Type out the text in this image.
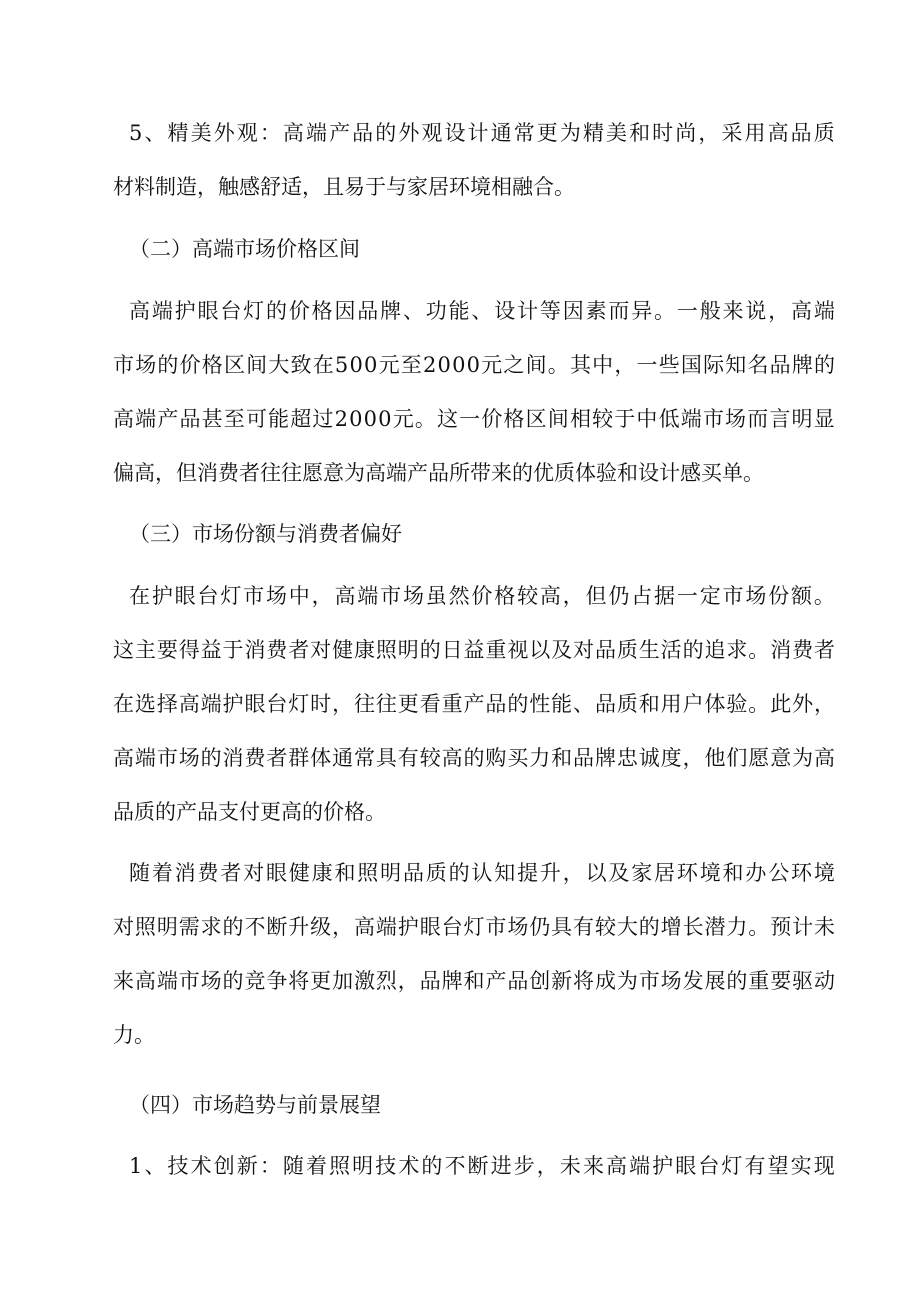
5 、 精 美 外 观 ： 高 端 产 品 的 外 观 设 计 通 常 更 为 精 美 和 时 尚 ， 采 用 高 品 质
材料制造，触感舒适，且易于与家居环境相融合。
（二）高端市场价格区间
高 端 护 眼 台 灯 的 价 格 因 品 牌 、 功 能 、 设 计 等 因 素 而 异 。 一 般 来 说 ， 高 端
市 场 的 价 格 区 间 大 致 在 5 0 0 元 至 2 0 0 0 元 之 间 。 其 中 ， 一 些 国 际 知 名 品 牌 的
高 端 产 品 甚 至 可 能 超 过 2 0 0 0 元 。 这 一 价 格 区 间 相 较 于 中 低 端 市 场 而 言 明 显
偏高，但消费者往往愿意为高端产品所带来的优质体验和设计感买单。
（三）市场份额与消费者偏好
在 护 眼 台 灯 市 场 中 ， 高 端 市 场 虽 然 价 格 较 高 ， 但 仍 占 据 一 定 市 场 份 额 。
这 主 要 得 益 于 消 费 者 对 健 康 照 明 的 日 益 重 视 以 及 对 品 质 生 活 的 追 求 。 消 费 者
在 选 择 高 端 护 眼 台 灯 时 ， 往 往 更 看 重 产 品 的 性 能 、 品 质 和 用 户 体 验 。 此 外 ，
高 端 市 场 的 消 费 者 群 体 通 常 具 有 较 高 的 购 买 力 和 品 牌 忠 诚 度 ， 他 们 愿 意 为 高
品质的产品支付更高的价格。
随 着 消 费 者 对 眼 健 康 和 照 明 品 质 的 认 知 提 升 ， 以 及 家 居 环 境 和 办 公 环 境
对 照 明 需 求 的 不 断 升 级 ， 高 端 护 眼 台 灯 市 场 仍 具 有 较 大 的 增 长 潜 力 。 预 计 未
来 高 端 市 场 的 竞 争 将 更 加 激 烈 ， 品 牌 和 产 品 创 新 将 成 为 市 场 发 展 的 重 要 驱 动
力。
（四）市场趋势与前景展望
1 、 技 术 创 新 ： 随 着 照 明 技 术 的 不 断 进 步 ， 未 来 高 端 护 眼 台 灯 有 望 实 现
